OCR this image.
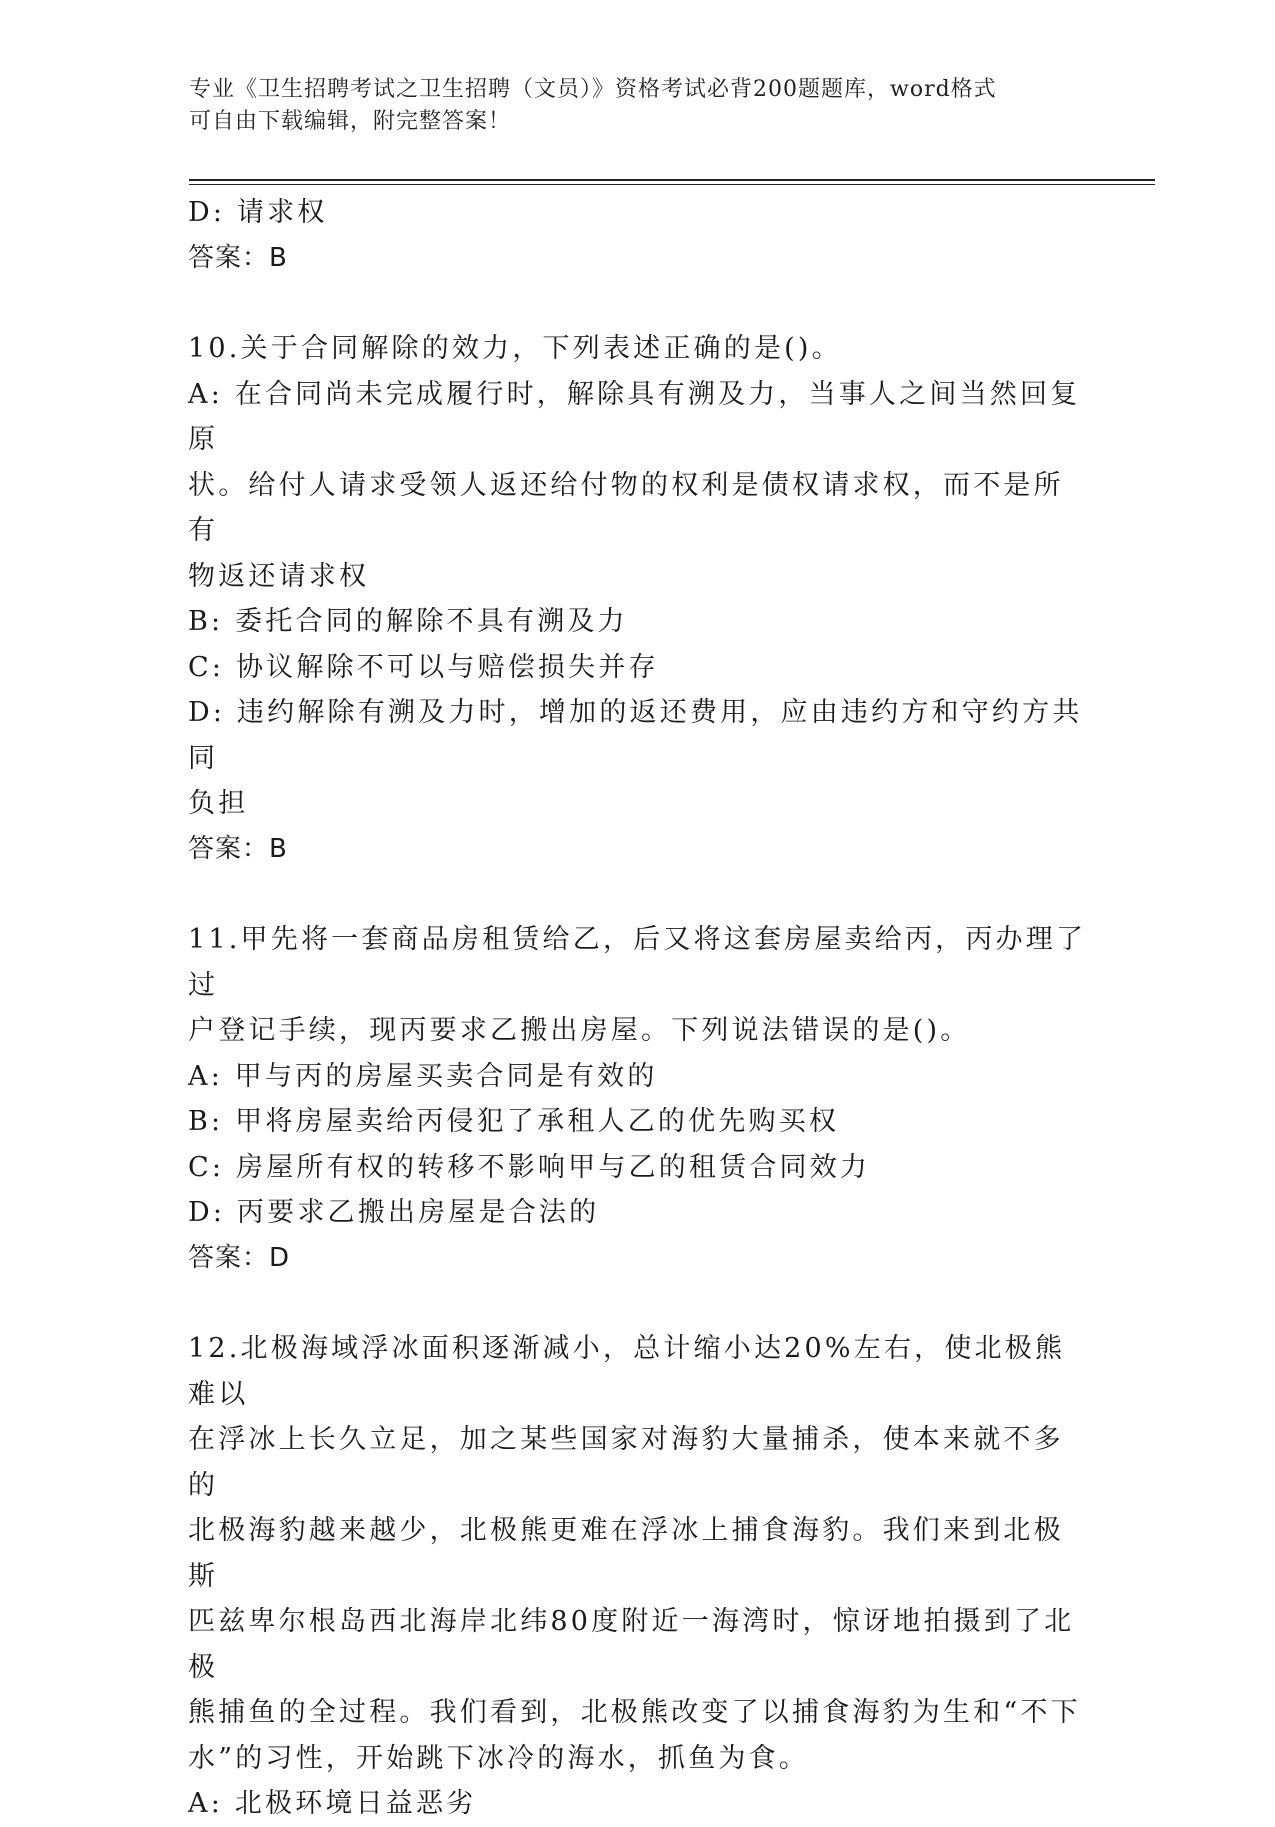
专业《卫生招聘考试之卫生招聘（文员）》资格考试必背200题题库，word格式
可自由下载编辑，附完整答案！

D: 请求权

答案：B

10.关于合同解除的效力，下列表述正确的是()。

A: 在合同尚未完成履行时，解除具有溯及力，当事人之间当然回复原

状。给付人请求受领人返还给付物的权利是债权请求权，而不是所有

物返还请求权

B: 委托合同的解除不具有溯及力

C: 协议解除不可以与赔偿损失并存

D: 违约解除有溯及力时，增加的返还费用，应由违约方和守约方共同

负担

答案：B

11.甲先将一套商品房租赁给乙，后又将这套房屋卖给丙，丙办理了过

户登记手续，现丙要求乙搬出房屋。下列说法错误的是()。

A: 甲与丙的房屋买卖合同是有效的

B: 甲将房屋卖给丙侵犯了承租人乙的优先购买权

C: 房屋所有权的转移不影响甲与乙的租赁合同效力

D: 丙要求乙搬出房屋是合法的

答案：D

12.北极海域浮冰面积逐渐减小，总计缩小达20%左右，使北极熊难以

在浮冰上长久立足，加之某些国家对海豹大量捕杀，使本来就不多的

北极海豹越来越少，北极熊更难在浮冰上捕食海豹。我们来到北极斯

匹兹卑尔根岛西北海岸北纬80度附近一海湾时，惊讶地拍摄到了北极

熊捕鱼的全过程。我们看到，北极熊改变了以捕食海豹为生和“不下

水”的习性，开始跳下冰冷的海水，抓鱼为食。

A: 北极环境日益恶劣
